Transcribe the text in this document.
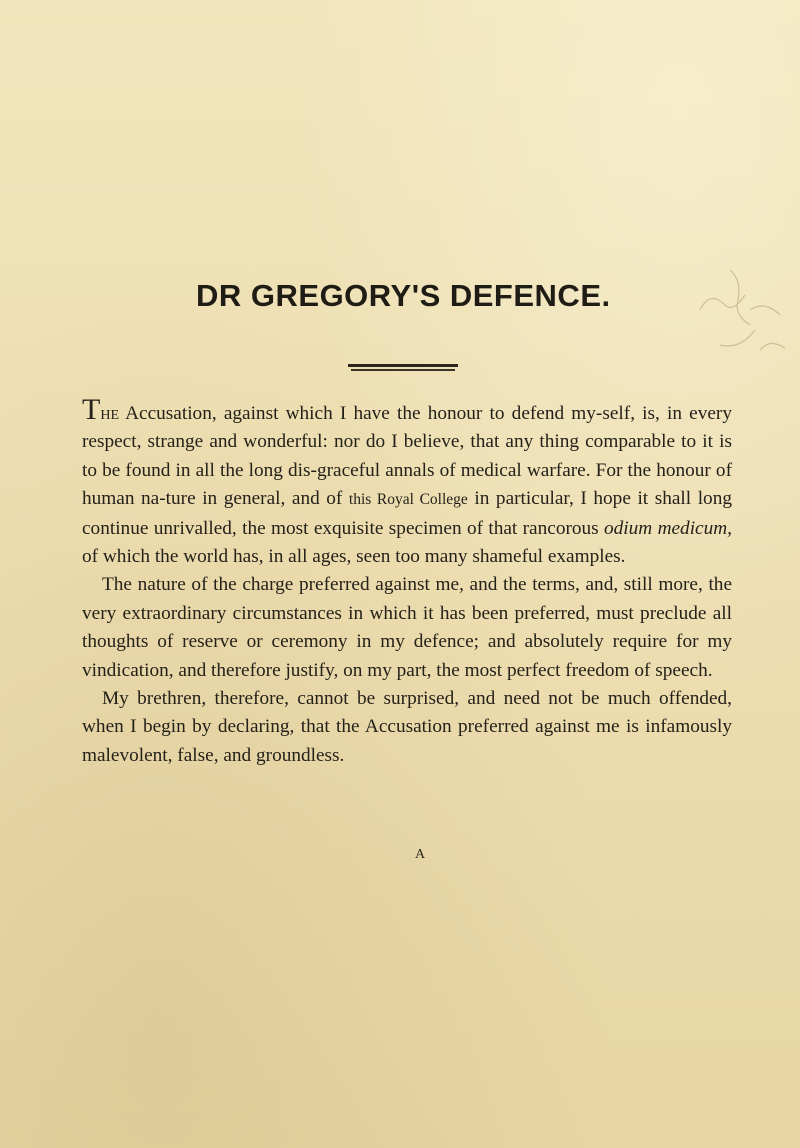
DR GREGORY'S DEFENCE.

The Accusation, against which I have the honour to defend my-self, is, in every respect, strange and wonderful: nor do I believe, that any thing comparable to it is to be found in all the long dis-graceful annals of medical warfare. For the honour of human na-ture in general, and of this Royal College in particular, I hope it shall long continue unrivalled, the most exquisite specimen of that rancorous odium medicum, of which the world has, in all ages, seen too many shameful examples.

The nature of the charge preferred against me, and the terms, and, still more, the very extraordinary circumstances in which it has been preferred, must preclude all thoughts of reserve or ceremony in my defence; and absolutely require for my vindication, and therefore justify, on my part, the most perfect freedom of speech.

My brethren, therefore, cannot be surprised, and need not be much offended, when I begin by declaring, that the Accusation preferred against me is infamously malevolent, false, and groundless.

A
